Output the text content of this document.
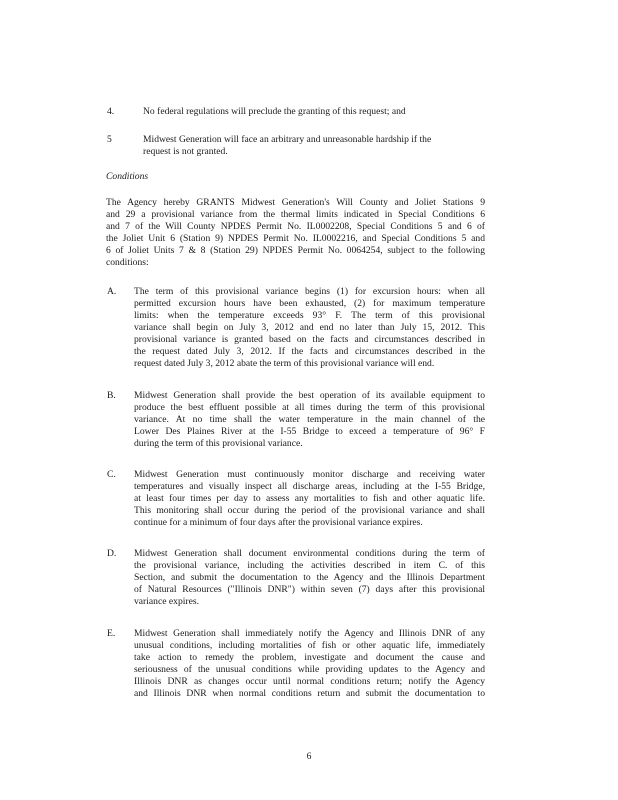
4.	No federal regulations will preclude the granting of this request; and
5	Midwest Generation will face an arbitrary and unreasonable hardship if the
request is not granted.
Conditions
The Agency hereby GRANTS Midwest Generation's Will County and Joliet Stations 9
and 29 a provisional variance from the thermal limits indicated in Special Conditions 6
and 7 of the Will County NPDES Permit No. IL0002208, Special Conditions 5 and 6 of
the Joliet Unit 6 (Station 9) NPDES Permit No. IL0002216, and Special Conditions 5 and
6 of Joliet Units 7 & 8 (Station 29) NPDES Permit No. 0064254, subject to the following
conditions:
A. The term of this provisional variance begins (1) for excursion hours: when all
permitted excursion hours have been exhausted, (2) for maximum temperature
limits: when the temperature exceeds 93° F. The term of this provisional
variance shall begin on July 3, 2012 and end no later than July 15, 2012. This
provisional variance is granted based on the facts and circumstances described in
the request dated July 3, 2012. If the facts and circumstances described in the
request dated July 3, 2012 abate the term of this provisional variance will end.
B. Midwest Generation shall provide the best operation of its available equipment to
produce the best effluent possible at all times during the term of this provisional
variance. At no time shall the water temperature in the main channel of the
Lower Des Plaines River at the I-55 Bridge to exceed a temperature of 96° F
during the term of this provisional variance.
C. Midwest Generation must continuously monitor discharge and receiving water
temperatures and visually inspect all discharge areas, including at the I-55 Bridge,
at least four times per day to assess any mortalities to fish and other aquatic life.
This monitoring shall occur during the period of the provisional variance and shall
continue for a minimum of four days after the provisional variance expires.
D. Midwest Generation shall document environmental conditions during the term of
the provisional variance, including the activities described in item C. of this
Section, and submit the documentation to the Agency and the Illinois Department
of Natural Resources ("Illinois DNR") within seven (7) days after this provisional
variance expires.
E. Midwest Generation shall immediately notify the Agency and Illinois DNR of any
unusual conditions, including mortalities of fish or other aquatic life, immediately
take action to remedy the problem, investigate and document the cause and
seriousness of the unusual conditions while providing updates to the Agency and
Illinois DNR as changes occur until normal conditions return; notify the Agency
and Illinois DNR when normal conditions return and submit the documentation to
6
